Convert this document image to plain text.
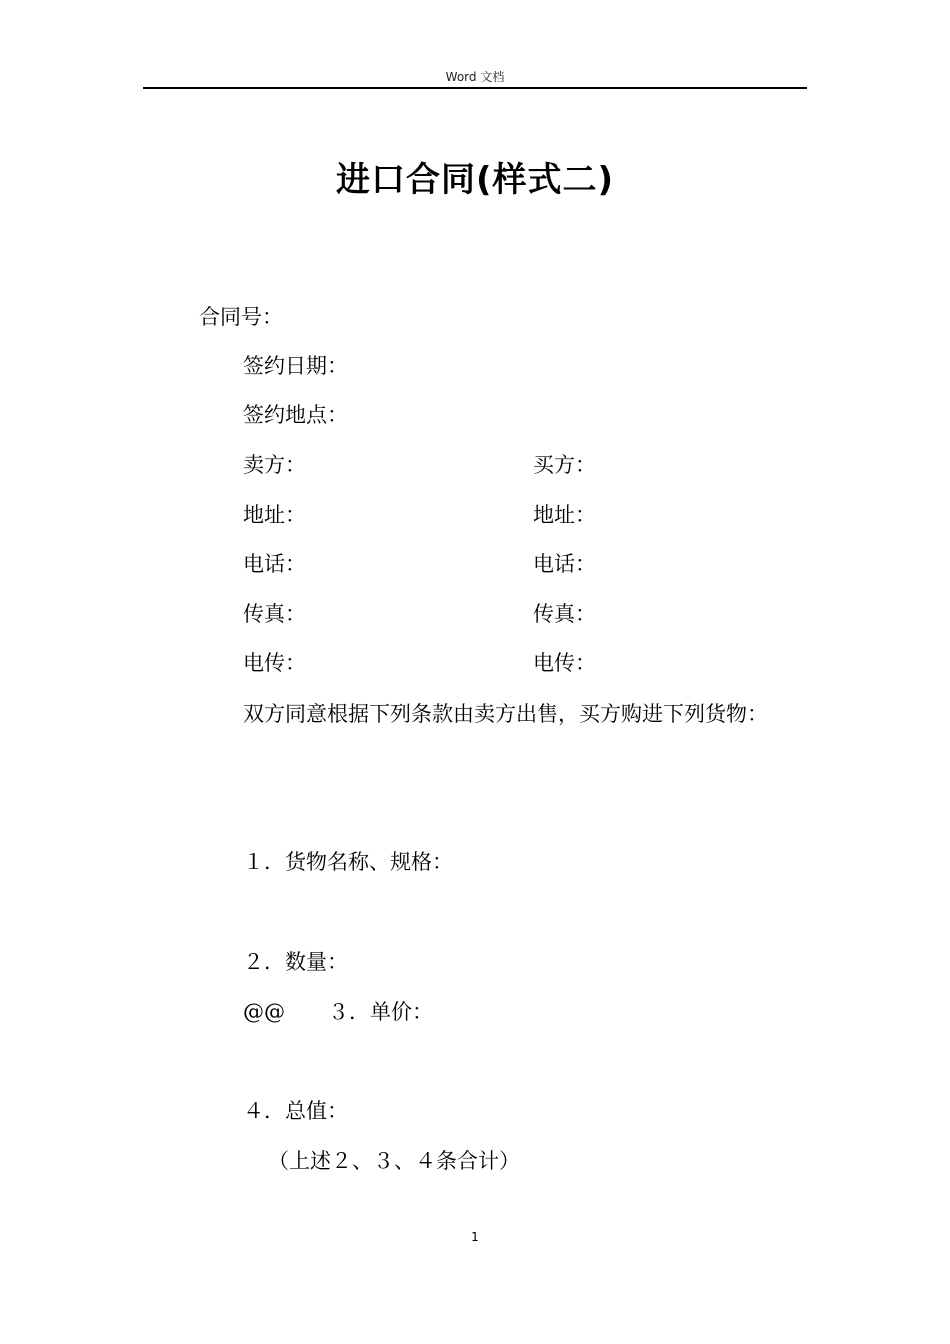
Word 文档
进口合同(样式二)
合同号：
签约日期：
签约地点：
卖方：	买方：
地址：	地址：
电话：	电话：
传真：	传真：
电传：	电传：
双方同意根据下列条款由卖方出售，买方购进下列货物：
１．货物名称、规格：
２．数量：
@@ ３．单价：
４．总值：
（上述２、３、４条合计）
1
